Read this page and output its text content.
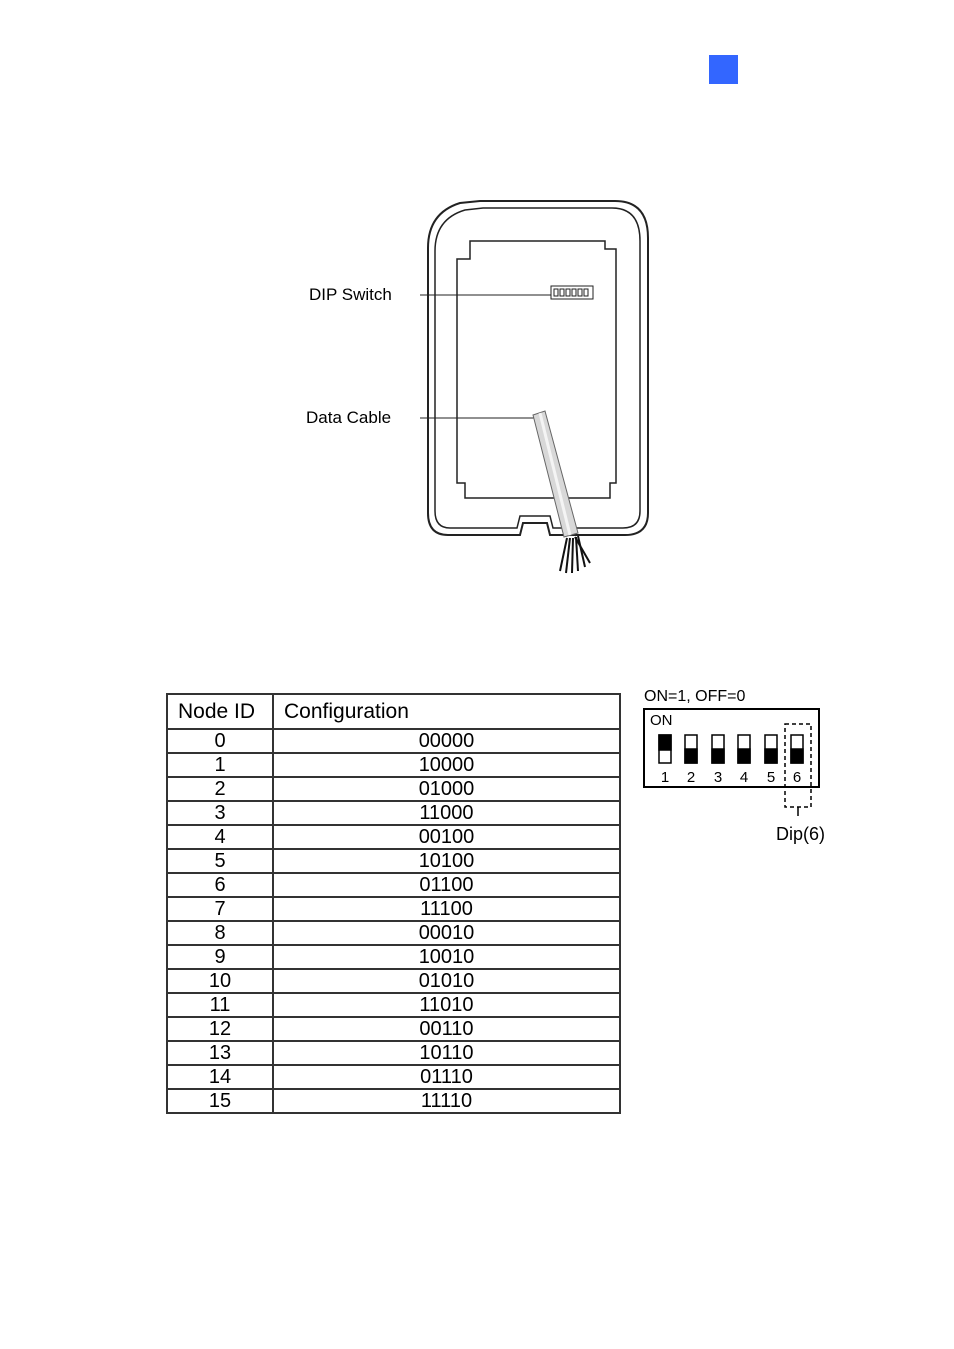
DIP Switch
Data Cable
Node ID	Configuration
0	00000
1	10000
2	01000
3	11000
4	00100
5	10100
6	01100
7	11100
8	00010
9	10010
10	01010
11	11010
12	00110
13	10110
14	01110
15	11110
ON=1, OFF=0
ON
1 2 3 4 5 6
Dip(6)
